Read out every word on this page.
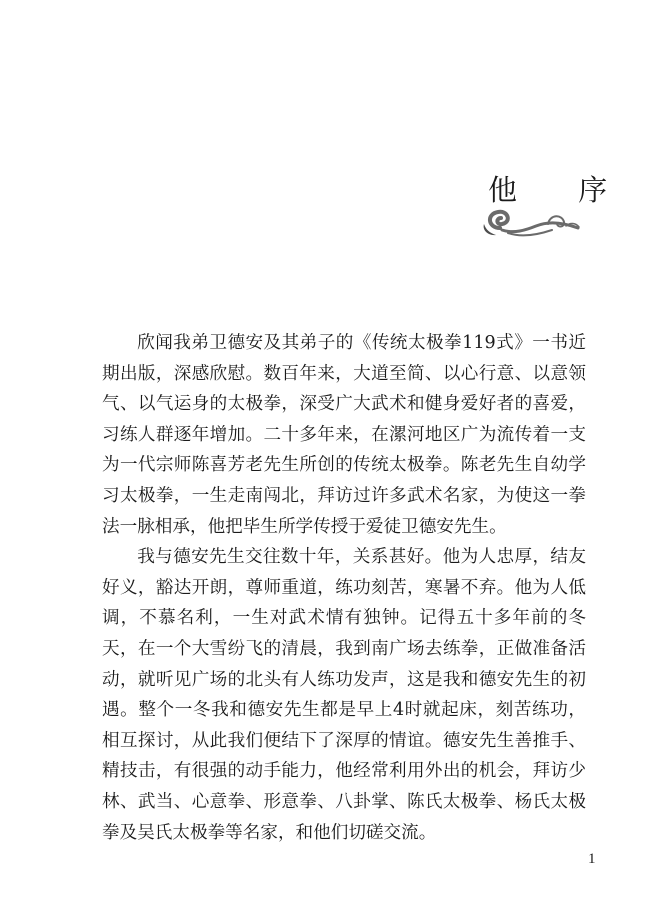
他 序

欣闻我弟卫德安及其弟子的《传统太极拳119式》一书近期出版，深感欣慰。数百年来，大道至简、以心行意、以意领气、以气运身的太极拳，深受广大武术和健身爱好者的喜爱，习练人群逐年增加。二十多年来，在漯河地区广为流传着一支为一代宗师陈喜芳老先生所创的传统太极拳。陈老先生自幼学习太极拳，一生走南闯北，拜访过许多武术名家，为使这一拳法一脉相承，他把毕生所学传授于爱徒卫德安先生。

我与德安先生交往数十年，关系甚好。他为人忠厚，结友好义，豁达开朗，尊师重道，练功刻苦，寒暑不弃。他为人低调，不慕名利，一生对武术情有独钟。记得五十多年前的冬天，在一个大雪纷飞的清晨，我到南广场去练拳，正做准备活动，就听见广场的北头有人练功发声，这是我和德安先生的初遇。整个一冬我和德安先生都是早上4时就起床，刻苦练功，相互探讨，从此我们便结下了深厚的情谊。德安先生善推手、精技击，有很强的动手能力，他经常利用外出的机会，拜访少林、武当、心意拳、形意拳、八卦掌、陈氏太极拳、杨氏太极拳及吴氏太极拳等名家，和他们切磋交流。

1
